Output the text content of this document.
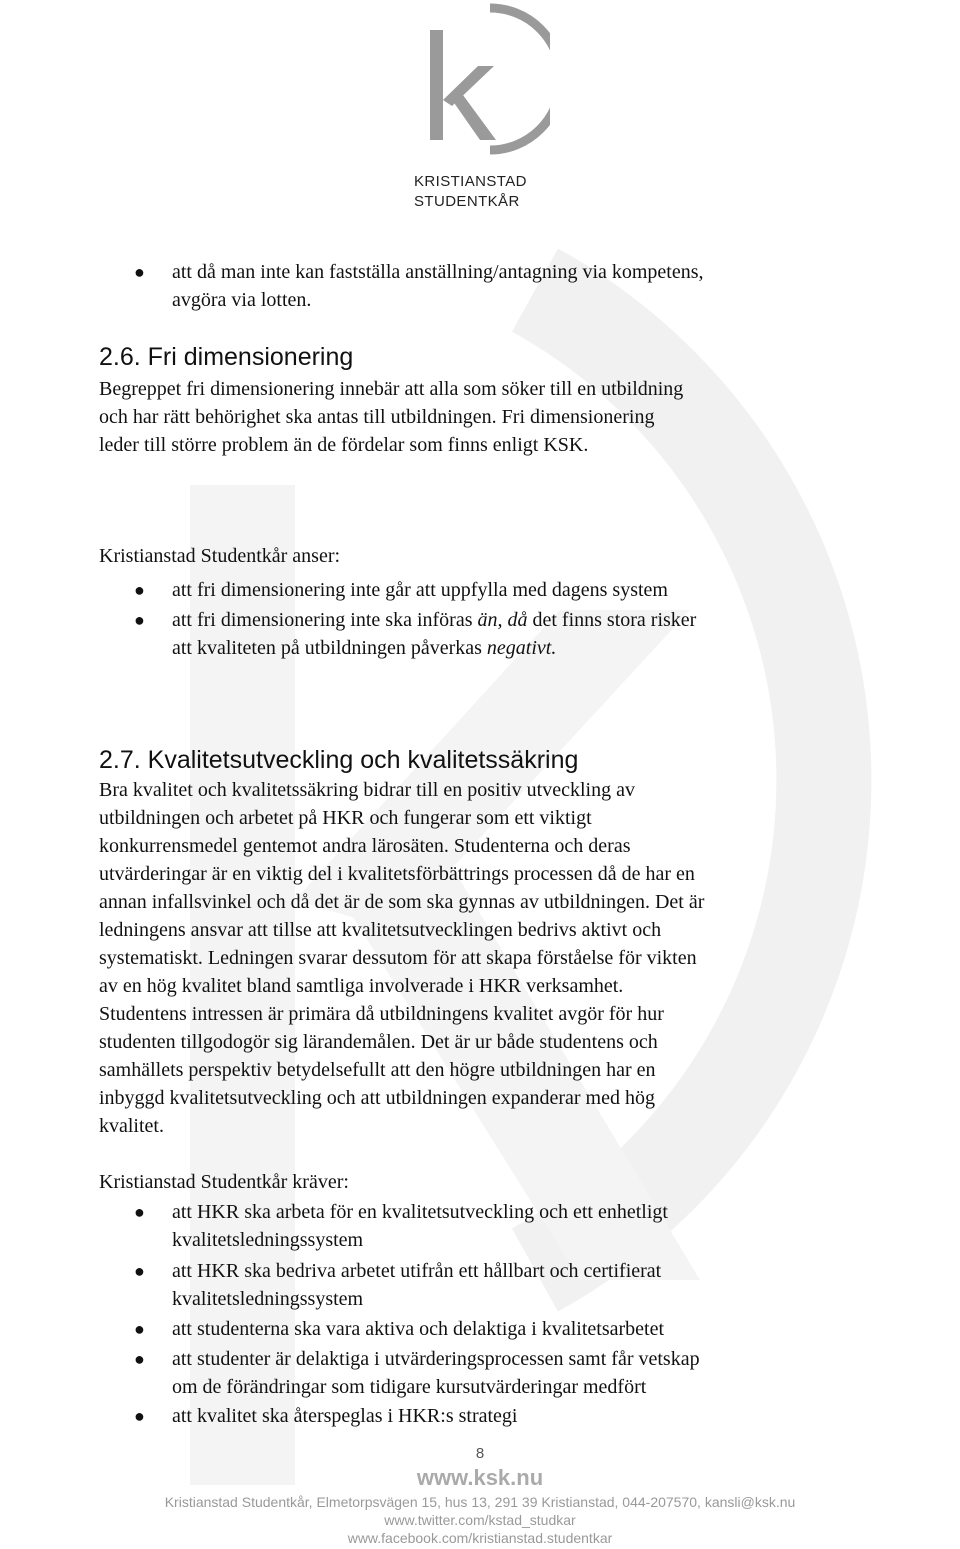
KRISTIANSTAD
STUDENTKÅR
● att då man inte kan fastställa anställning/antagning via kompetens,
avgöra via lotten.
2.6. Fri dimensionering
Begreppet fri dimensionering innebär att alla som söker till en utbildning
och har rätt behörighet ska antas till utbildningen. Fri dimensionering
leder till större problem än de fördelar som finns enligt KSK.
Kristianstad Studentkår anser:
● att fri dimensionering inte går att uppfylla med dagens system
● att fri dimensionering inte ska införas än, då det finns stora risker
att kvaliteten på utbildningen påverkas negativt.
2.7. Kvalitetsutveckling och kvalitetssäkring
Bra kvalitet och kvalitetssäkring bidrar till en positiv utveckling av
utbildningen och arbetet på HKR och fungerar som ett viktigt
konkurrensmedel gentemot andra lärosäten. Studenterna och deras
utvärderingar är en viktig del i kvalitetsförbättrings processen då de har en
annan infallsvinkel och då det är de som ska gynnas av utbildningen. Det är
ledningens ansvar att tillse att kvalitetsutvecklingen bedrivs aktivt och
systematiskt. Ledningen svarar dessutom för att skapa förståelse för vikten
av en hög kvalitet bland samtliga involverade i HKR verksamhet.
Studentens intressen är primära då utbildningens kvalitet avgör för hur
studenten tillgodogör sig lärandemålen. Det är ur både studentens och
samhällets perspektiv betydelsefullt att den högre utbildningen har en
inbyggd kvalitetsutveckling och att utbildningen expanderar med hög
kvalitet.
Kristianstad Studentkår kräver:
● att HKR ska arbeta för en kvalitetsutveckling och ett enhetligt
kvalitetsledningssystem
● att HKR ska bedriva arbetet utifrån ett hållbart och certifierat
kvalitetsledningssystem
● att studenterna ska vara aktiva och delaktiga i kvalitetsarbetet
● att studenter är delaktiga i utvärderingsprocessen samt får vetskap
om de förändringar som tidigare kursutvärderingar medfört
● att kvalitet ska återspeglas i HKR:s strategi
8
www.ksk.nu
Kristianstad Studentkår, Elmetorpsvägen 15, hus 13, 291 39 Kristianstad, 044-207570, kansli@ksk.nu
www.twitter.com/kstad_studkar
www.facebook.com/kristianstad.studentkar
